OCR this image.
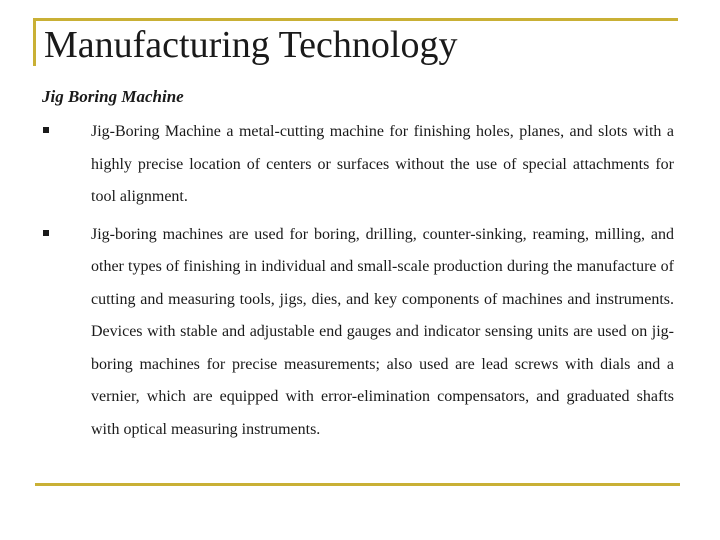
Manufacturing Technology
Jig Boring Machine

Jig-Boring Machine a metal-cutting machine for finishing holes, planes, and slots with a highly precise location of centers or surfaces without the use of special attachments for tool alignment.

Jig-boring machines are used for boring, drilling, counter-sinking, reaming, milling, and other types of finishing in individual and small-scale production during the manufacture of cutting and measuring tools, jigs, dies, and key components of machines and instruments. Devices with stable and adjustable end gauges and indicator sensing units are used on jig-boring machines for precise measurements; also used are lead screws with dials and a vernier, which are equipped with error-elimination compensators, and graduated shafts with optical measuring instruments.
